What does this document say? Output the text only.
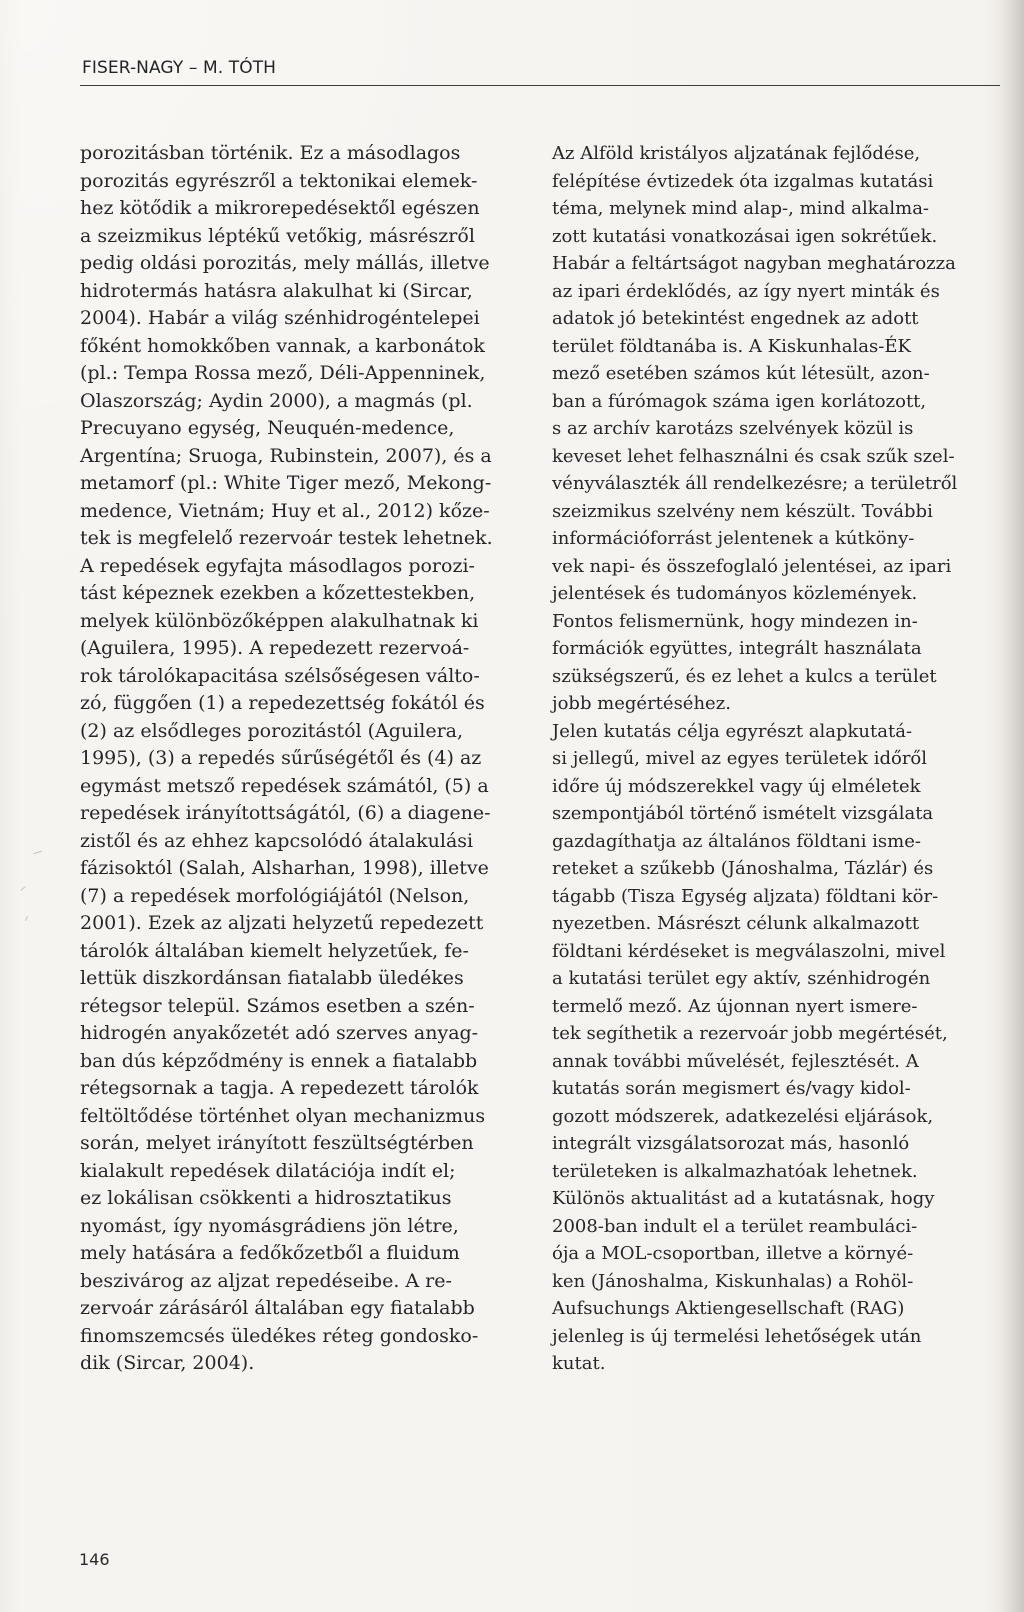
FISER-NAGY – M. TÓTH
porozitásban történik. Ez a másodlagos
porozitás egyrészről a tektonikai elemek-
hez kötődik a mikrorepedésektől egészen
a szeizmikus léptékű vetőkig, másrészről
pedig oldási porozitás, mely mállás, illetve
hidrotermás hatásra alakulhat ki (Sircar,
2004). Habár a világ szénhidrogéntelepei
főként homokkőben vannak, a karbonátok
(pl.: Tempa Rossa mező, Déli-Appenninek,
Olaszország; Aydin 2000), a magmás (pl.
Precuyano egység, Neuquén-medence,
Argentína; Sruoga, Rubinstein, 2007), és a
metamorf (pl.: White Tiger mező, Mekong-
medence, Vietnám; Huy et al., 2012) kőze-
tek is megfelelő rezervoár testek lehetnek.
A repedések egyfajta másodlagos porozi-
tást képeznek ezekben a kőzettestekben,
melyek különbözőképpen alakulhatnak ki
(Aguilera, 1995). A repedezett rezervoá-
rok tárolókapacitása szélsőségesen válto-
zó, függően (1) a repedezettség fokától és
(2) az elsődleges porozitástól (Aguilera,
1995), (3) a repedés sűrűségétől és (4) az
egymást metsző repedések számától, (5) a
repedések irányítottságától, (6) a diagene-
zistől és az ehhez kapcsolódó átalakulási
fázisoktól (Salah, Alsharhan, 1998), illetve
(7) a repedések morfológiájától (Nelson,
2001). Ezek az aljzati helyzetű repedezett
tárolók általában kiemelt helyzetűek, fe-
lettük diszkordánsan fiatalabb üledékes
rétegsor települ. Számos esetben a szén-
hidrogén anyakőzetét adó szerves anyag-
ban dús képződmény is ennek a fiatalabb
rétegsornak a tagja. A repedezett tárolók
feltöltődése történhet olyan mechanizmus
során, melyet irányított feszültségtérben
kialakult repedések dilatációja indít el;
ez lokálisan csökkenti a hidrosztatikus
nyomást, így nyomásgrádiens jön létre,
mely hatására a fedőkőzetből a fluidum
beszivárog az aljzat repedéseibe. A re-
zervoár zárásáról általában egy fiatalabb
finomszemcsés üledékes réteg gondosko-
dik (Sircar, 2004).
Az Alföld kristályos aljzatának fejlődése,
felépítése évtizedek óta izgalmas kutatási
téma, melynek mind alap-, mind alkalma-
zott kutatási vonatkozásai igen sokrétűek.
Habár a feltártságot nagyban meghatározza
az ipari érdeklődés, az így nyert minták és
adatok jó betekintést engednek az adott
terület földtanába is. A Kiskunhalas-ÉK
mező esetében számos kút létesült, azon-
ban a fúrómagok száma igen korlátozott,
s az archív karotázs szelvények közül is
keveset lehet felhasználni és csak szűk szel-
vényválaszték áll rendelkezésre; a területről
szeizmikus szelvény nem készült. További
információforrást jelentenek a kútköny-
vek napi- és összefoglaló jelentései, az ipari
jelentések és tudományos közlemények.
Fontos felismernünk, hogy mindezen in-
formációk együttes, integrált használata
szükségszerű, és ez lehet a kulcs a terület
jobb megértéséhez.
Jelen kutatás célja egyrészt alapkutatá-
si jellegű, mivel az egyes területek időről
időre új módszerekkel vagy új elméletek
szempontjából történő ismételt vizsgálata
gazdagíthatja az általános földtani isme-
reteket a szűkebb (Jánoshalma, Tázlár) és
tágabb (Tisza Egység aljzata) földtani kör-
nyezetben. Másrészt célunk alkalmazott
földtani kérdéseket is megválaszolni, mivel
a kutatási terület egy aktív, szénhidrogén
termelő mező. Az újonnan nyert ismere-
tek segíthetik a rezervoár jobb megértését,
annak további művelését, fejlesztését. A
kutatás során megismert és/vagy kidol-
gozott módszerek, adatkezelési eljárások,
integrált vizsgálatsorozat más, hasonló
területeken is alkalmazhatóak lehetnek.
Különös aktualitást ad a kutatásnak, hogy
2008-ban indult el a terület reambuláci-
ója a MOL-csoportban, illetve a környé-
ken (Jánoshalma, Kiskunhalas) a Rohöl-
Aufsuchungs Aktiengesellschaft (RAG)
jelenleg is új termelési lehetőségek után
kutat.
146
